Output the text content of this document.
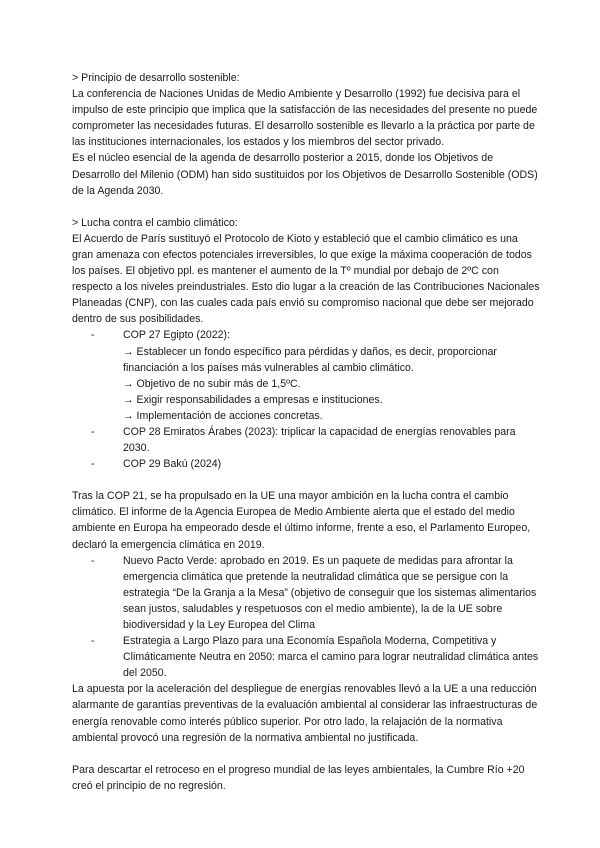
> Principio de desarrollo sostenible:

La conferencia de Naciones Unidas de Medio Ambiente y Desarrollo (1992) fue decisiva para el impulso de este principio que implica que la satisfacción de las necesidades del presente no puede comprometer las necesidades futuras. El desarrollo sostenible es llevarlo a la práctica por parte de las instituciones internacionales, los estados y los miembros del sector privado.

Es el núcleo esencial de la agenda de desarrollo posterior a 2015, donde los Objetivos de Desarrollo del Milenio (ODM) han sido sustituidos por los Objetivos de Desarrollo Sostenible (ODS) de la Agenda 2030.

> Lucha contra el cambio climático:

El Acuerdo de París sustituyó el Protocolo de Kioto y estableció que el cambio climático es una gran amenaza con efectos potenciales irreversibles, lo que exige la máxima cooperación de todos los países. El objetivo ppl. es mantener el aumento de la Tº mundial por debajo de 2ºC con respecto a los niveles preindustriales. Esto dio lugar a la creación de las Contribuciones Nacionales Planeadas (CNP), con las cuales cada país envió su compromiso nacional que debe ser mejorado dentro de sus posibilidades.

-	COP 27 Egipto (2022):

→ Establecer un fondo específico para pérdidas y daños, es decir, proporcionar financiación a los países más vulnerables al cambio climático.

→ Objetivo de no subir más de 1,5ºC.

→ Exigir responsabilidades a empresas e instituciones.

→ Implementación de acciones concretas.

-	COP 28 Emiratos Árabes (2023): triplicar la capacidad de energías renovables para 2030.
-	COP 29 Bakú (2024)

Tras la COP 21, se ha propulsado en la UE una mayor ambición en la lucha contra el cambio climático. El informe de la Agencia Europea de Medio Ambiente alerta que el estado del medio ambiente en Europa ha empeorado desde el último informe, frente a eso, el Parlamento Europeo, declaró la emergencia climática en 2019.

-	Nuevo Pacto Verde: aprobado en 2019. Es un paquete de medidas para afrontar la emergencia climática que pretende la neutralidad climática que se persigue con la estrategia “De la Granja a la Mesa” (objetivo de conseguir que los sistemas alimentarios sean justos, saludables y respetuosos con el medio ambiente), la de la UE sobre biodiversidad y la Ley Europea del Clima
-	Estrategia a Largo Plazo para una Economía Española Moderna, Competitiva y Climáticamente Neutra en 2050: marca el camino para lograr neutralidad climática antes del 2050.

La apuesta por la aceleración del despliegue de energías renovables llevó a la UE a una reducción alarmante de garantías preventivas de la evaluación ambiental al considerar las infraestructuras de energía renovable como interés público superior. Por otro lado, la relajación de la normativa ambiental provocó una regresión de la normativa ambiental no justificada.

Para descartar el retroceso en el progreso mundial de las leyes ambientales, la Cumbre Río +20 creó el principio de no regresión.
